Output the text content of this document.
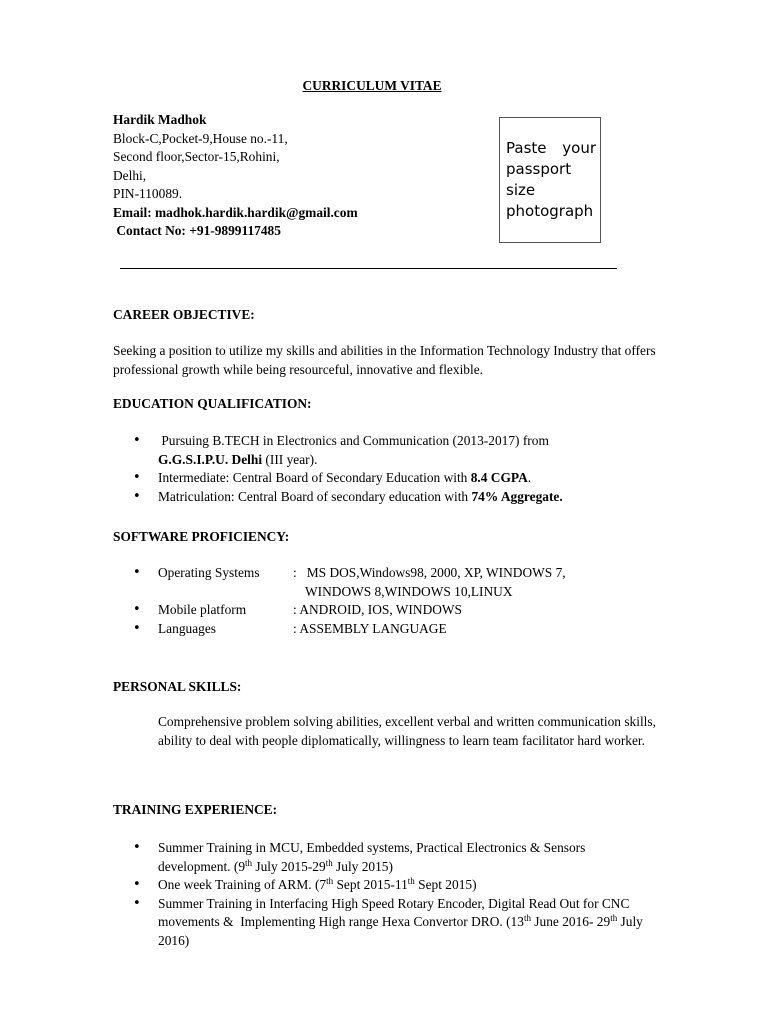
CURRICULUM VITAE
Hardik Madhok
Block-C,Pocket-9,House no.-11,
Second floor,Sector-15,Rohini,
Delhi,
PIN-110089.
Email: madhok.hardik.hardik@gmail.com
Contact No: +91-9899117485
Paste your
passport
size
photograph
CAREER OBJECTIVE:
Seeking a position to utilize my skills and abilities in the Information Technology Industry that offers professional growth while being resourceful, innovative and flexible.
EDUCATION QUALIFICATION:
•  Pursuing B.TECH in Electronics and Communication (2013-2017) from
G.G.S.I.P.U. Delhi (III year).
• Intermediate: Central Board of Secondary Education with 8.4 CGPA.
• Matriculation: Central Board of secondary education with 74% Aggregate.
SOFTWARE PROFICIENCY:
• Operating Systems	:   MS DOS,Windows98, 2000, XP, WINDOWS 7,
WINDOWS 8,WINDOWS 10,LINUX
• Mobile platform	: ANDROID, IOS, WINDOWS
• Languages	: ASSEMBLY LANGUAGE
PERSONAL SKILLS:
Comprehensive problem solving abilities, excellent verbal and written communication skills, ability to deal with people diplomatically, willingness to learn team facilitator hard worker.
TRAINING EXPERIENCE:
• Summer Training in MCU, Embedded systems, Practical Electronics & Sensors development. (9th July 2015-29th July 2015)
• One week Training of ARM. (7th Sept 2015-11th Sept 2015)
• Summer Training in Interfacing High Speed Rotary Encoder, Digital Read Out for CNC movements &  Implementing High range Hexa Convertor DRO. (13th June 2016- 29th July 2016)
